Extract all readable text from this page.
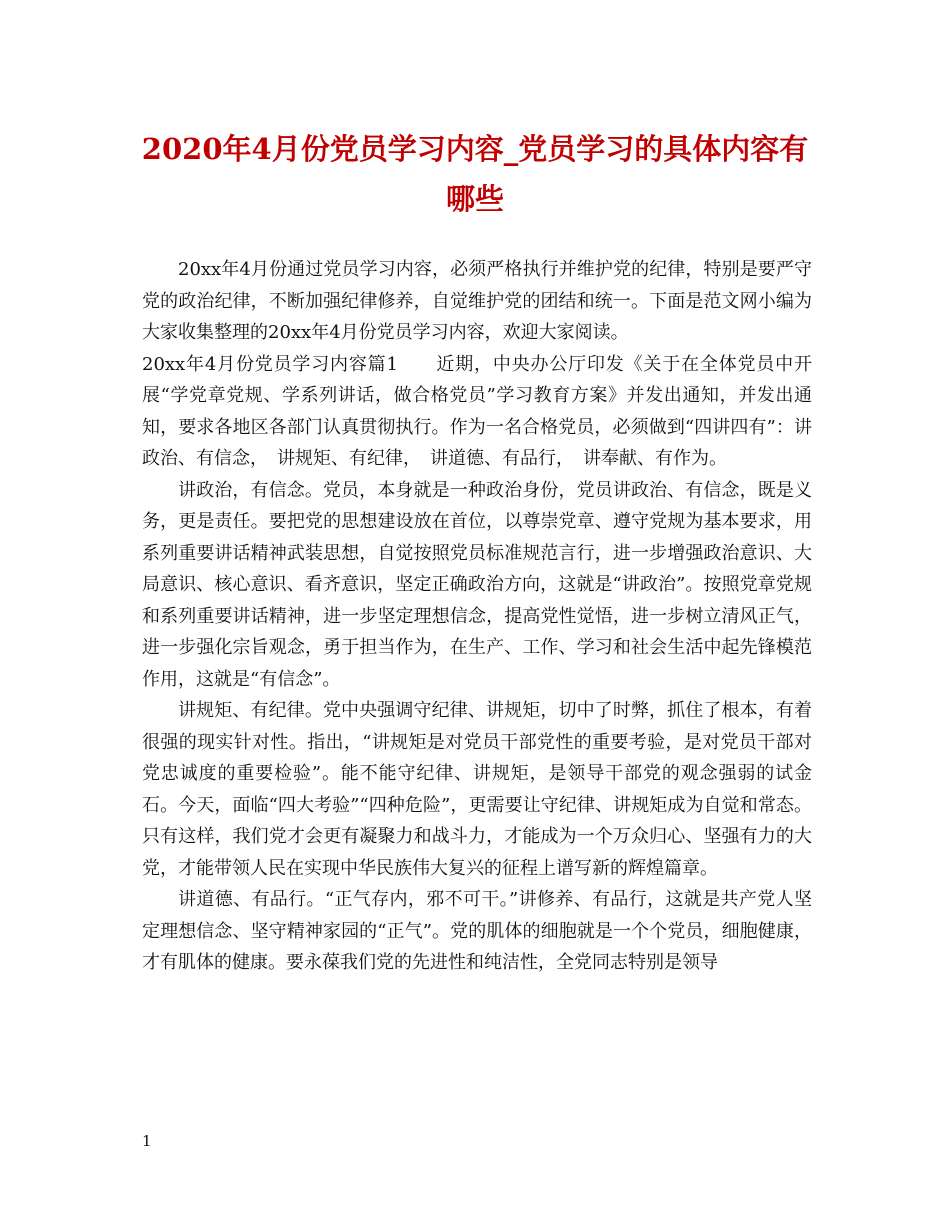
2020年4月份党员学习内容_党员学习的具体内容有哪些

20xx年4月份通过党员学习内容，必须严格执行并维护党的纪律，特别是要严守党的政治纪律，不断加强纪律修养，自觉维护党的团结和统一。下面是范文网小编为大家收集整理的20xx年4月份党员学习内容，欢迎大家阅读。

20xx年4月份党员学习内容篇1　　近期，中央办公厅印发《关于在全体党员中开展“学党章党规、学系列讲话，做合格党员”学习教育方案》并发出通知，并发出通知，要求各地区各部门认真贯彻执行。作为一名合格党员，必须做到“四讲四有”：讲政治、有信念，　讲规矩、有纪律，　讲道德、有品行，　讲奉献、有作为。

讲政治，有信念。党员，本身就是一种政治身份，党员讲政治、有信念，既是义务，更是责任。要把党的思想建设放在首位，以尊崇党章、遵守党规为基本要求，用系列重要讲话精神武装思想，自觉按照党员标准规范言行，进一步增强政治意识、大局意识、核心意识、看齐意识，坚定正确政治方向，这就是“讲政治”。按照党章党规和系列重要讲话精神，进一步坚定理想信念，提高党性觉悟，进一步树立清风正气，进一步强化宗旨观念，勇于担当作为，在生产、工作、学习和社会生活中起先锋模范作用，这就是“有信念”。

讲规矩、有纪律。党中央强调守纪律、讲规矩，切中了时弊，抓住了根本，有着很强的现实针对性。指出，“讲规矩是对党员干部党性的重要考验，是对党员干部对党忠诚度的重要检验”。能不能守纪律、讲规矩，是领导干部党的观念强弱的试金石。今天，面临“四大考验”“四种危险”，更需要让守纪律、讲规矩成为自觉和常态。只有这样，我们党才会更有凝聚力和战斗力，才能成为一个万众归心、坚强有力的大党，才能带领人民在实现中华民族伟大复兴的征程上谱写新的辉煌篇章。

讲道德、有品行。“正气存内，邪不可干。”讲修养、有品行，这就是共产党人坚定理想信念、坚守精神家园的“正气”。党的肌体的细胞就是一个个党员，细胞健康，才有肌体的健康。要永葆我们党的先进性和纯洁性，全党同志特别是领导

1
